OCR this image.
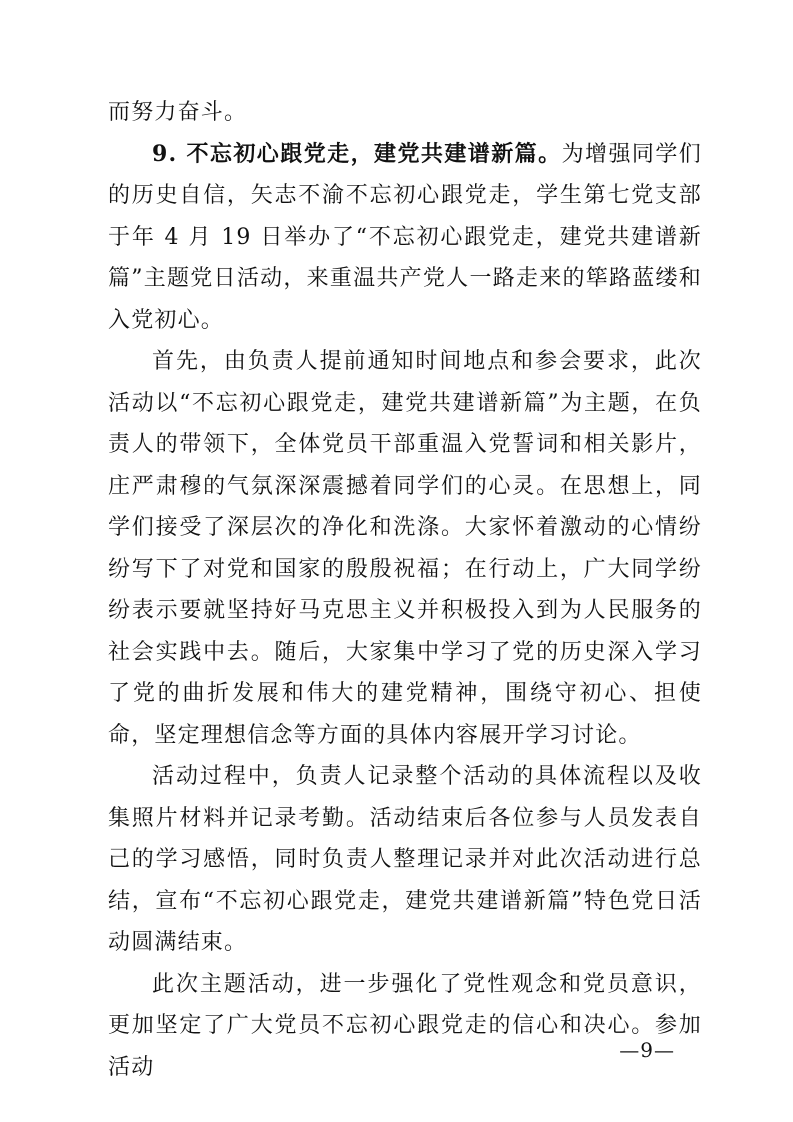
而努力奋斗。

9. 不忘初心跟党走，建党共建谱新篇。为增强同学们的历史自信，矢志不渝不忘初心跟党走，学生第七党支部于年 4 月 19 日举办了“不忘初心跟党走，建党共建谱新篇”主题党日活动，来重温共产党人一路走来的筚路蓝缕和入党初心。

首先，由负责人提前通知时间地点和参会要求，此次活动以“不忘初心跟党走，建党共建谱新篇”为主题，在负责人的带领下，全体党员干部重温入党誓词和相关影片，庄严肃穆的气氛深深震撼着同学们的心灵。在思想上，同学们接受了深层次的净化和洗涤。大家怀着激动的心情纷纷写下了对党和国家的殷殷祝福；在行动上，广大同学纷纷表示要就坚持好马克思主义并积极投入到为人民服务的社会实践中去。随后，大家集中学习了党的历史深入学习了党的曲折发展和伟大的建党精神，围绕守初心、担使命，坚定理想信念等方面的具体内容展开学习讨论。

活动过程中，负责人记录整个活动的具体流程以及收集照片材料并记录考勤。活动结束后各位参与人员发表自己的学习感悟，同时负责人整理记录并对此次活动进行总结，宣布“不忘初心跟党走，建党共建谱新篇”特色党日活动圆满结束。

此次主题活动，进一步强化了党性观念和党员意识，更加坚定了广大党员不忘初心跟党走的信心和决心。参加活动

—9—
